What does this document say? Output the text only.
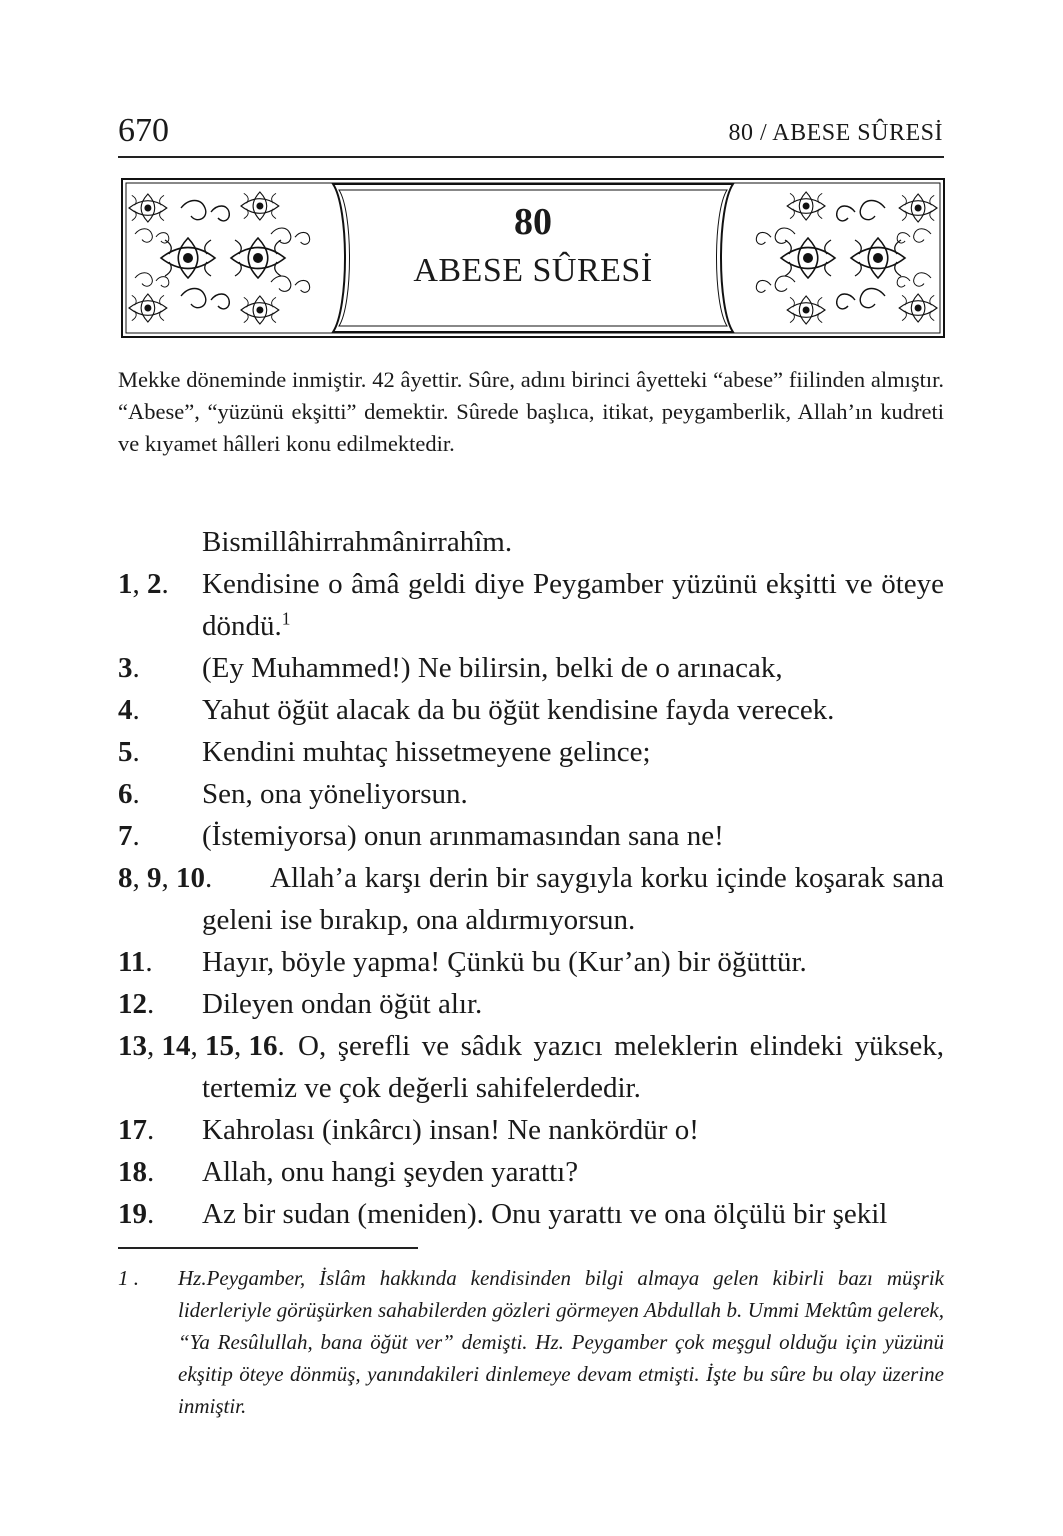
670	80 / ABESE SÛRESİ
80
ABESE SÛRESİ
Mekke döneminde inmiştir. 42 âyettir. Sûre, adını birinci âyetteki “abese” fiilinden almıştır. “Abese”, “yüzünü ekşitti” demektir. Sûrede başlıca, itikat, peygamberlik, Allah’ın kudreti ve kıyamet hâlleri konu edilmektedir.
Bismillâhirrahmânirrahîm.
1, 2.	Kendisine o âmâ geldi diye Peygamber yüzünü ekşitti ve öteye döndü.$^1$
3.	(Ey Muhammed!) Ne bilirsin, belki de o arınacak,
4.	Yahut öğüt alacak da bu öğüt kendisine fayda verecek.
5.	Kendini muhtaç hissetmeyene gelince;
6.	Sen, ona yöneliyorsun.
7.	(İstemiyorsa) onun arınmamasından sana ne!
8, 9, 10.	Allah’a karşı derin bir saygıyla korku içinde koşarak sana geleni ise bırakıp, ona aldırmıyorsun.
11.	Hayır, böyle yapma! Çünkü bu (Kur’an) bir öğüttür.
12.	Dileyen ondan öğüt alır.
13, 14, 15, 16. O, şerefli ve sâdık yazıcı meleklerin elindeki yüksek, tertemiz ve çok değerli sahifelerdedir.
17.	Kahrolası (inkârcı) insan! Ne nankördür o!
18.	Allah, onu hangi şeyden yarattı?
19.	Az bir sudan (meniden). Onu yarattı ve ona ölçülü bir şekil
1 .	Hz.Peygamber, İslâm hakkında kendisinden bilgi almaya gelen kibirli bazı müşrik liderleriyle görüşürken sahabilerden gözleri görmeyen Abdullah b. Ummi Mektûm gelerek, “Ya Resûlullah, bana öğüt ver” demişti. Hz. Peygamber çok meşgul olduğu için yüzünü ekşitip öteye dönmüş, yanındakileri dinlemeye devam etmişti. İşte bu sûre bu olay üzerine inmiştir.
